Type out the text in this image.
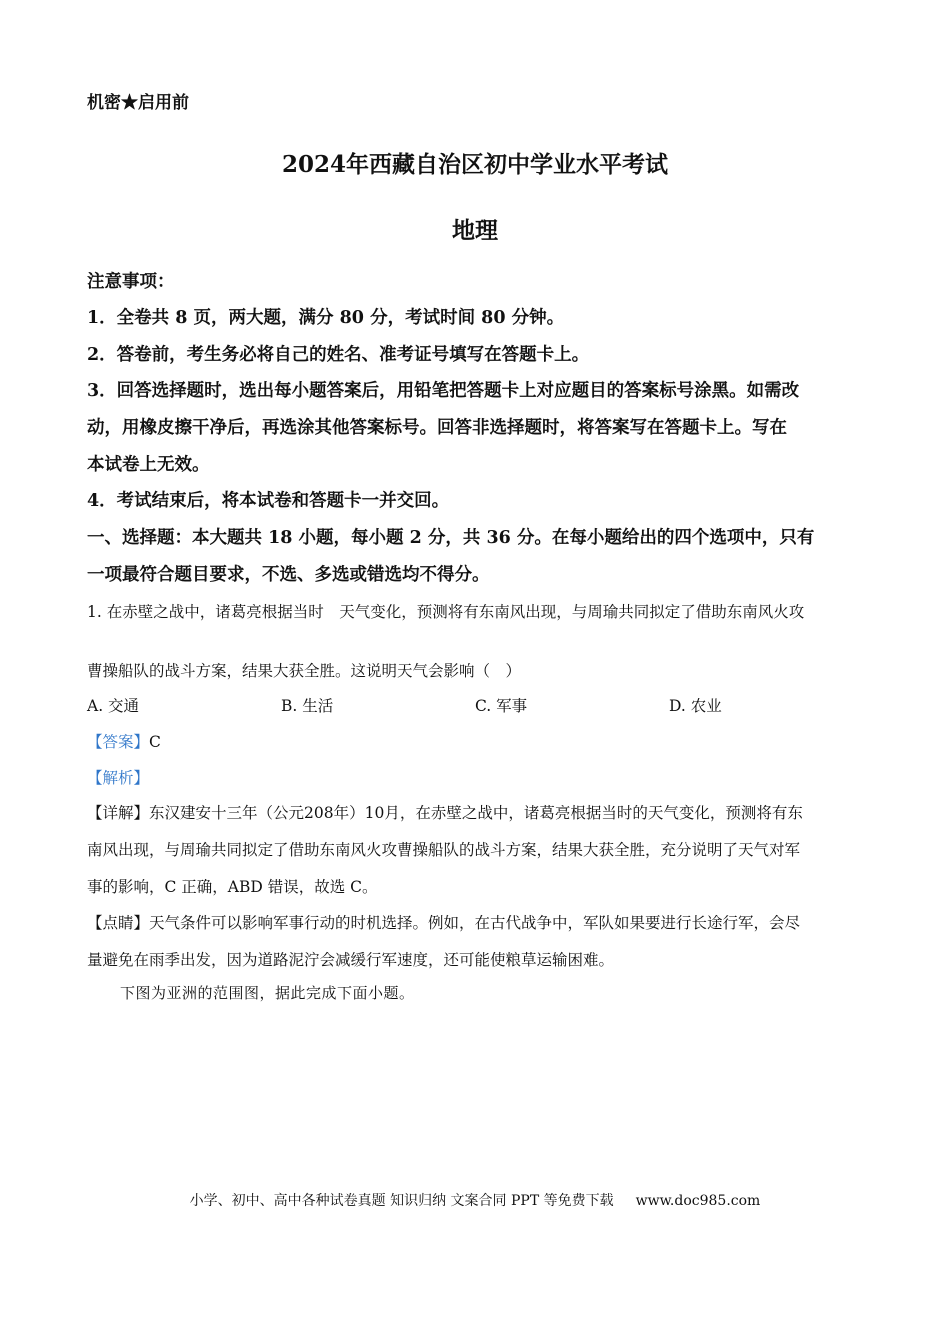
机密★启用前
2024年西藏自治区初中学业水平考试
地理
注意事项：
1．全卷共 8 页，两大题，满分 80 分，考试时间 80 分钟。
2．答卷前，考生务必将自己的姓名、准考证号填写在答题卡上。
3．回答选择题时，选出每小题答案后，用铅笔把答题卡上对应题目的答案标号涂黑。如需改
动，用橡皮擦干净后，再选涂其他答案标号。回答非选择题时，将答案写在答题卡上。写在
本试卷上无效。
4．考试结束后，将本试卷和答题卡一并交回。
一、选择题：本大题共 18 小题，每小题 2 分，共 36 分。在每小题给出的四个选项中，只有
一项最符合题目要求，不选、多选或错选均不得分。
1. 在赤壁之战中，诸葛亮根据当时　天气变化，预测将有东南风出现，与周瑜共同拟定了借助东南风火攻
曹操船队的战斗方案，结果大获全胜。这说明天气会影响（　）
A. 交通	B. 生活	C. 军事	D. 农业
【答案】C
【解析】
【详解】东汉建安十三年（公元208年）10月，在赤壁之战中，诸葛亮根据当时的天气变化，预测将有东
南风出现，与周瑜共同拟定了借助东南风火攻曹操船队的战斗方案，结果大获全胜，充分说明了天气对军
事的影响，C 正确，ABD 错误，故选 C。
【点睛】天气条件可以影响军事行动的时机选择。例如，在古代战争中，军队如果要进行长途行军，会尽
量避免在雨季出发，因为道路泥泞会减缓行军速度，还可能使粮草运输困难。
下图为亚洲的范围图，据此完成下面小题。
小学、初中、高中各种试卷真题 知识归纳 文案合同 PPT 等免费下载 www.doc985.com
